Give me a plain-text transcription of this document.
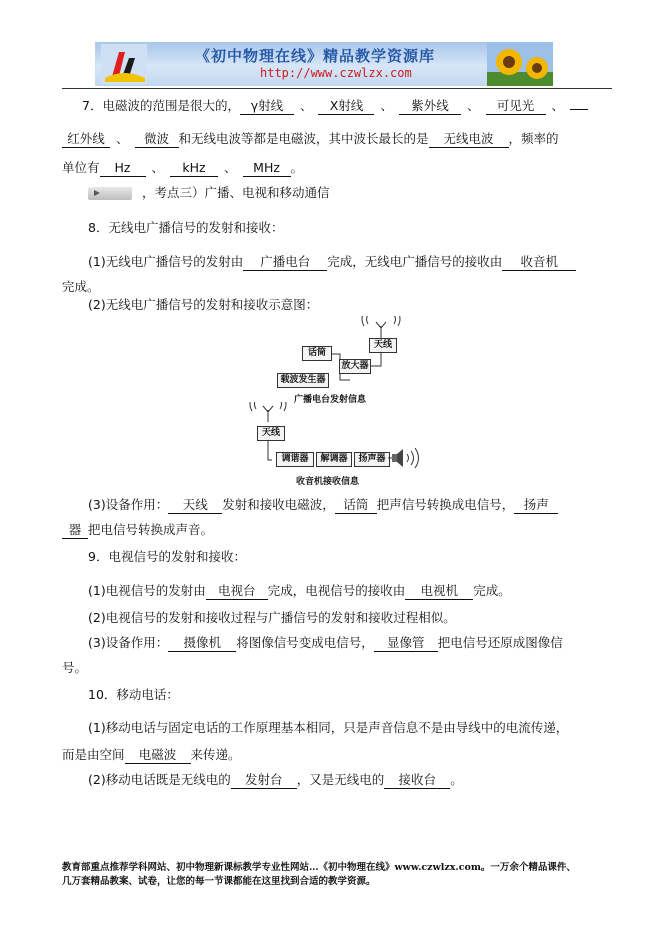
《初中物理在线》精品教学资源库
http://www.czwlzx.com
7．电磁波的范围是很大的， γ射线 、 X射线 、 紫外线 、 可见光 、
红外线 、 微波 和无线电波等都是电磁波，其中波长最长的是 无线电波 ，频率的
单位有 Hz 、 kHz 、 MHz 。
，考点三）广播、电视和移动通信
8．无线电广播信号的发射和接收：
(1)无线电广播信号的发射由 广播电台 完成，无线电广播信号的接收由 收音机
完成。
(2)无线电广播信号的发射和接收示意图：
天线
话筒
放大器
载波发生器
广播电台发射信息
天线
调谐器	解调器	扬声器
收音机接收信息
(3)设备作用： 天线 发射和接收电磁波， 话筒 把声信号转换成电信号， 扬声
器 把电信号转换成声音。
9．电视信号的发射和接收：
(1)电视信号的发射由 电视台 完成，电视信号的接收由 电视机 完成。
(2)电视信号的发射和接收过程与广播信号的发射和接收过程相似。
(3)设备作用： 摄像机 将图像信号变成电信号， 显像管 把电信号还原成图像信
号。
10．移动电话：
(1)移动电话与固定电话的工作原理基本相同，只是声音信息不是由导线中的电流传递，
而是由空间 电磁波 来传递。
(2)移动电话既是无线电的 发射台 ，又是无线电的 接收台 。
教育部重点推荐学科网站、初中物理新课标教学专业性网站…《初中物理在线》www.czwlzx.com。一万余个精品课件、
几万套精品教案、试卷，让您的每一节课都能在这里找到合适的教学资源。
